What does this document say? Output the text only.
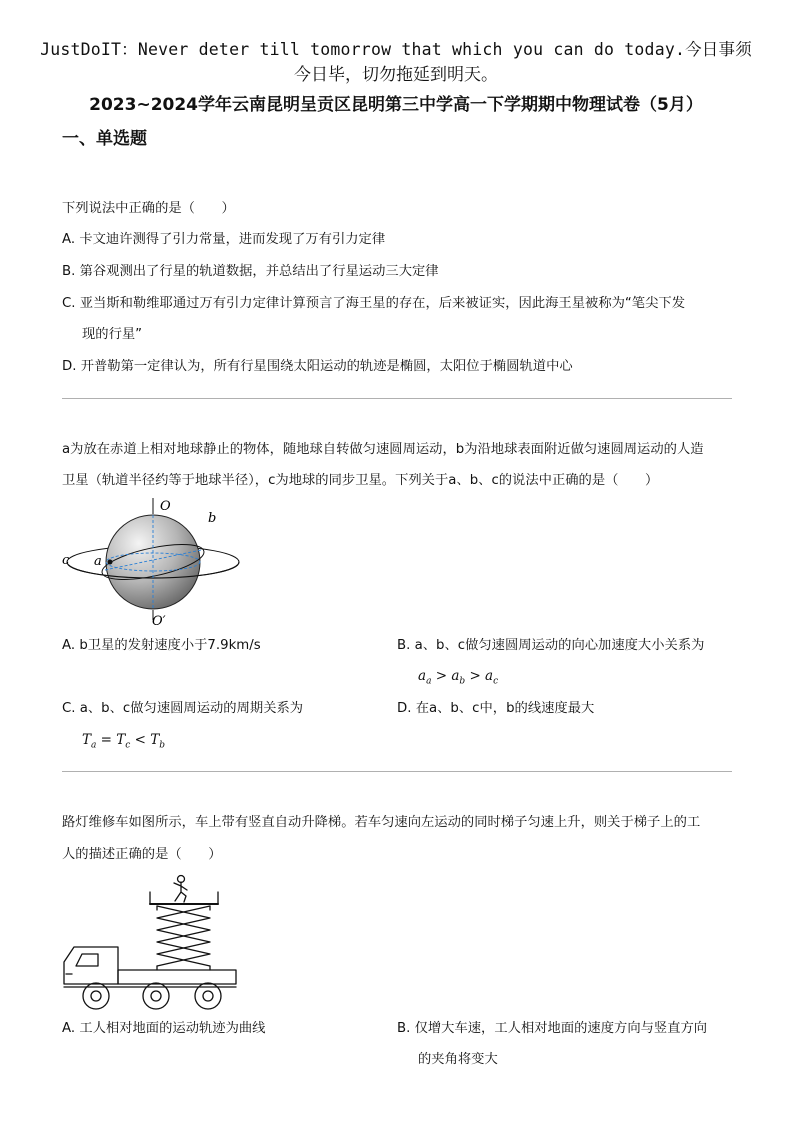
JustDoIT：Never deter till tomorrow that which you can do today.今日事须
今日毕，切勿拖延到明天。
2023~2024学年云南昆明呈贡区昆明第三中学高一下学期期中物理试卷（5月）
一、单选题
下列说法中正确的是（　　）
A. 卡文迪许测得了引力常量，进而发现了万有引力定律
B. 第谷观测出了行星的轨道数据，并总结出了行星运动三大定律
C. 亚当斯和勒维耶通过万有引力定律计算预言了海王星的存在，后来被证实，因此海王星被称为“笔尖下发
现的行星”
D. 开普勒第一定律认为，所有行星围绕太阳运动的轨迹是椭圆，太阳位于椭圆轨道中心
a为放在赤道上相对地球静止的物体，随地球自转做匀速圆周运动，b为沿地球表面附近做匀速圆周运动的人造
卫星（轨道半径约等于地球半径），c为地球的同步卫星。下列关于a、b、c的说法中正确的是（　　）
O
O′
b
c a
A. b卫星的发射速度小于7.9km/s	B. a、b、c做匀速圆周运动的向心加速度大小关系为
$a_a > a_b > a_c$
C. a、b、c做匀速圆周运动的周期关系为	D. 在a、b、c中，b的线速度最大
$T_a = T_c < T_b$
路灯维修车如图所示，车上带有竖直自动升降梯。若车匀速向左运动的同时梯子匀速上升，则关于梯子上的工
人的描述正确的是（　　）
A. 工人相对地面的运动轨迹为曲线	B. 仅增大车速，工人相对地面的速度方向与竖直方向
的夹角将变大
